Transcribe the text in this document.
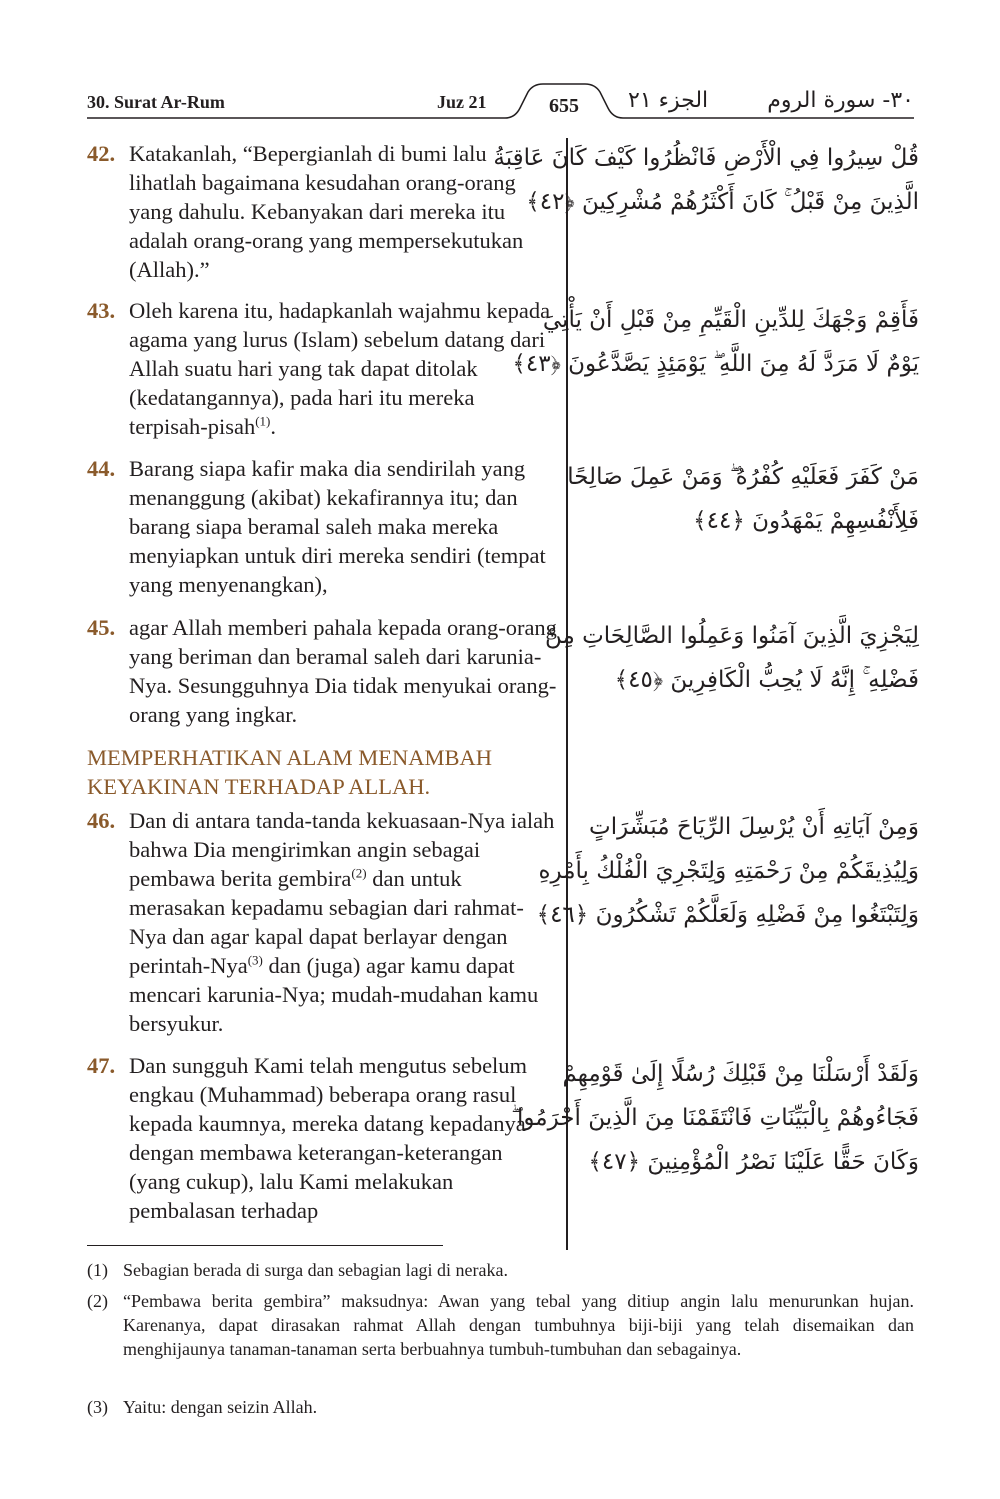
30. Surat Ar-Rum	Juz 21	655	الجزء ٢١	٣٠- سورة الروم
42. Katakanlah, “Bepergianlah di bumi lalu lihatlah bagaimana kesudahan orang-orang yang dahulu. Kebanyakan dari mereka itu adalah orang-orang yang mempersekutukan (Allah).”
قُلْ سِيرُوا فِي الْأَرْضِ فَانْظُرُوا كَيْفَ كَانَ عَاقِبَةُ
الَّذِينَ مِنْ قَبْلُ ۚ كَانَ أَكْثَرُهُمْ مُشْرِكِينَ ﴿٤٢﴾
43. Oleh karena itu, hadapkanlah wajahmu kepada agama yang lurus (Islam) sebelum datang dari Allah suatu hari yang tak dapat ditolak (kedatangannya), pada hari itu mereka terpisah-pisah$^{(1)}$.
فَأَقِمْ وَجْهَكَ لِلدِّينِ الْقَيِّمِ مِنْ قَبْلِ أَنْ يَأْتِيَ
يَوْمٌ لَا مَرَدَّ لَهُ مِنَ اللَّهِ ۖ يَوْمَئِذٍ يَصَّدَّعُونَ ﴿٤٣﴾
44. Barang siapa kafir maka dia sendirilah yang menanggung (akibat) kekafirannya itu; dan barang siapa beramal saleh maka mereka menyiapkan untuk diri mereka sendiri (tempat yang menyenangkan),
مَنْ كَفَرَ فَعَلَيْهِ كُفْرُهُ ۖ وَمَنْ عَمِلَ صَالِحًا
فَلِأَنْفُسِهِمْ يَمْهَدُونَ ﴿٤٤﴾
45. agar Allah memberi pahala kepada orang-orang yang beriman dan beramal saleh dari karunia-Nya. Sesungguhnya Dia tidak menyukai orang-orang yang ingkar.
لِيَجْزِيَ الَّذِينَ آمَنُوا وَعَمِلُوا الصَّالِحَاتِ مِنْ
فَضْلِهِ ۚ إِنَّهُ لَا يُحِبُّ الْكَافِرِينَ ﴿٤٥﴾
MEMPERHATIKAN ALAM MENAMBAH KEYAKINAN TERHADAP ALLAH.
46. Dan di antara tanda-tanda kekuasaan-Nya ialah bahwa Dia mengirimkan angin sebagai pembawa berita gembira$^{(2)}$ dan untuk merasakan kepadamu sebagian dari rahmat-Nya dan agar kapal dapat berlayar dengan perintah-Nya$^{(3)}$ dan (juga) agar kamu dapat mencari karunia-Nya; mudah-mudahan kamu bersyukur.
وَمِنْ آيَاتِهِ أَنْ يُرْسِلَ الرِّيَاحَ مُبَشِّرَاتٍ
وَلِيُذِيقَكُمْ مِنْ رَحْمَتِهِ وَلِتَجْرِيَ الْفُلْكُ بِأَمْرِهِ
وَلِتَبْتَغُوا مِنْ فَضْلِهِ وَلَعَلَّكُمْ تَشْكُرُونَ ﴿٤٦﴾
47. Dan sungguh Kami telah mengutus sebelum engkau (Muhammad) beberapa orang rasul kepada kaumnya, mereka datang kepadanya dengan membawa keterangan-keterangan (yang cukup), lalu Kami melakukan pembalasan terhadap
وَلَقَدْ أَرْسَلْنَا مِنْ قَبْلِكَ رُسُلًا إِلَىٰ قَوْمِهِمْ
فَجَاءُوهُمْ بِالْبَيِّنَاتِ فَانْتَقَمْنَا مِنَ الَّذِينَ أَجْرَمُوا ۖ
وَكَانَ حَقًّا عَلَيْنَا نَصْرُ الْمُؤْمِنِينَ ﴿٤٧﴾
(1) Sebagian berada di surga dan sebagian lagi di neraka.
(2) “Pembawa berita gembira” maksudnya: Awan yang tebal yang ditiup angin lalu menurunkan hujan. Karenanya, dapat dirasakan rahmat Allah dengan tumbuhnya biji-biji yang telah disemaikan dan menghijaunya tanaman-tanaman serta berbuahnya tumbuh-tumbuhan dan sebagainya.
(3) Yaitu: dengan seizin Allah.
